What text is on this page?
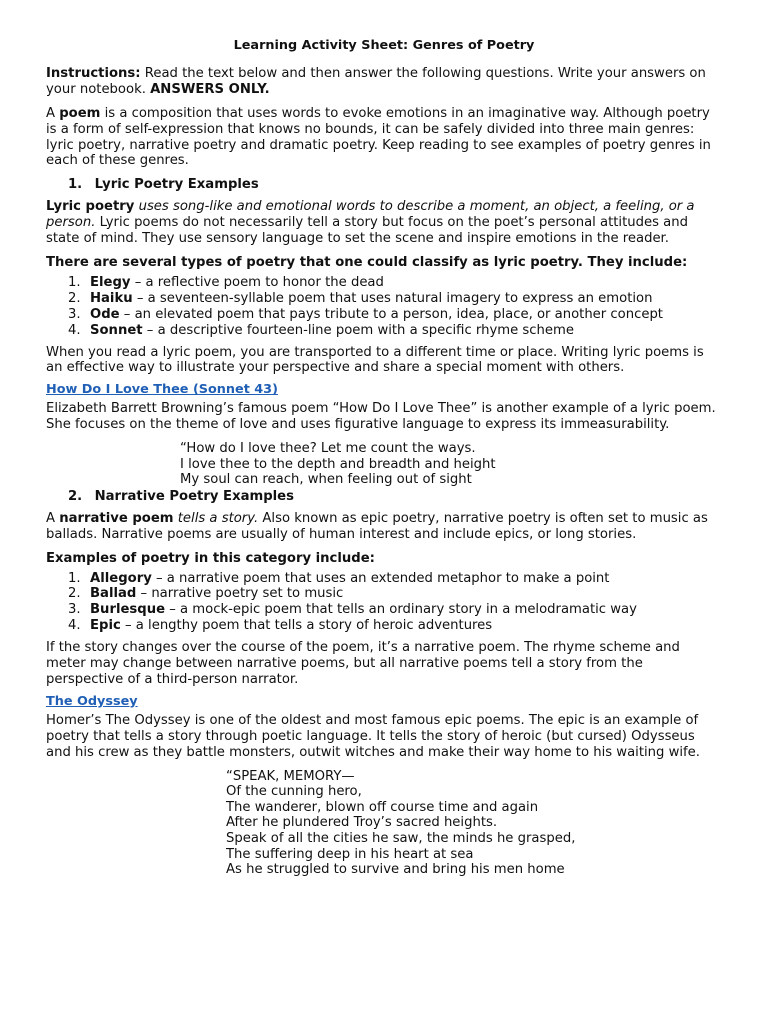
Learning Activity Sheet: Genres of Poetry

Instructions: Read the text below and then answer the following questions. Write your answers on your notebook. ANSWERS ONLY.

A poem is a composition that uses words to evoke emotions in an imaginative way. Although poetry is a form of self-expression that knows no bounds, it can be safely divided into three main genres: lyric poetry, narrative poetry and dramatic poetry. Keep reading to see examples of poetry genres in each of these genres.

1. Lyric Poetry Examples

Lyric poetry uses song-like and emotional words to describe a moment, an object, a feeling, or a person. Lyric poems do not necessarily tell a story but focus on the poet’s personal attitudes and state of mind. They use sensory language to set the scene and inspire emotions in the reader.

There are several types of poetry that one could classify as lyric poetry. They include:

1. Elegy – a reflective poem to honor the dead
2. Haiku – a seventeen-syllable poem that uses natural imagery to express an emotion
3. Ode – an elevated poem that pays tribute to a person, idea, place, or another concept
4. Sonnet – a descriptive fourteen-line poem with a specific rhyme scheme

When you read a lyric poem, you are transported to a different time or place. Writing lyric poems is an effective way to illustrate your perspective and share a special moment with others.

How Do I Love Thee (Sonnet 43)

Elizabeth Barrett Browning’s famous poem “How Do I Love Thee” is another example of a lyric poem. She focuses on the theme of love and uses figurative language to express its immeasurability.

“How do I love thee? Let me count the ways.

I love thee to the depth and breadth and height

My soul can reach, when feeling out of sight

2. Narrative Poetry Examples

A narrative poem tells a story. Also known as epic poetry, narrative poetry is often set to music as ballads. Narrative poems are usually of human interest and include epics, or long stories.

Examples of poetry in this category include:

1. Allegory – a narrative poem that uses an extended metaphor to make a point
2. Ballad – narrative poetry set to music
3. Burlesque – a mock-epic poem that tells an ordinary story in a melodramatic way
4. Epic – a lengthy poem that tells a story of heroic adventures

If the story changes over the course of the poem, it’s a narrative poem. The rhyme scheme and meter may change between narrative poems, but all narrative poems tell a story from the perspective of a third-person narrator.

The Odyssey

Homer’s The Odyssey is one of the oldest and most famous epic poems. The epic is an example of poetry that tells a story through poetic language. It tells the story of heroic (but cursed) Odysseus and his crew as they battle monsters, outwit witches and make their way home to his waiting wife.

“SPEAK, MEMORY—

Of the cunning hero,

The wanderer, blown off course time and again

After he plundered Troy’s sacred heights.

Speak of all the cities he saw, the minds he grasped,

The suffering deep in his heart at sea

As he struggled to survive and bring his men home
